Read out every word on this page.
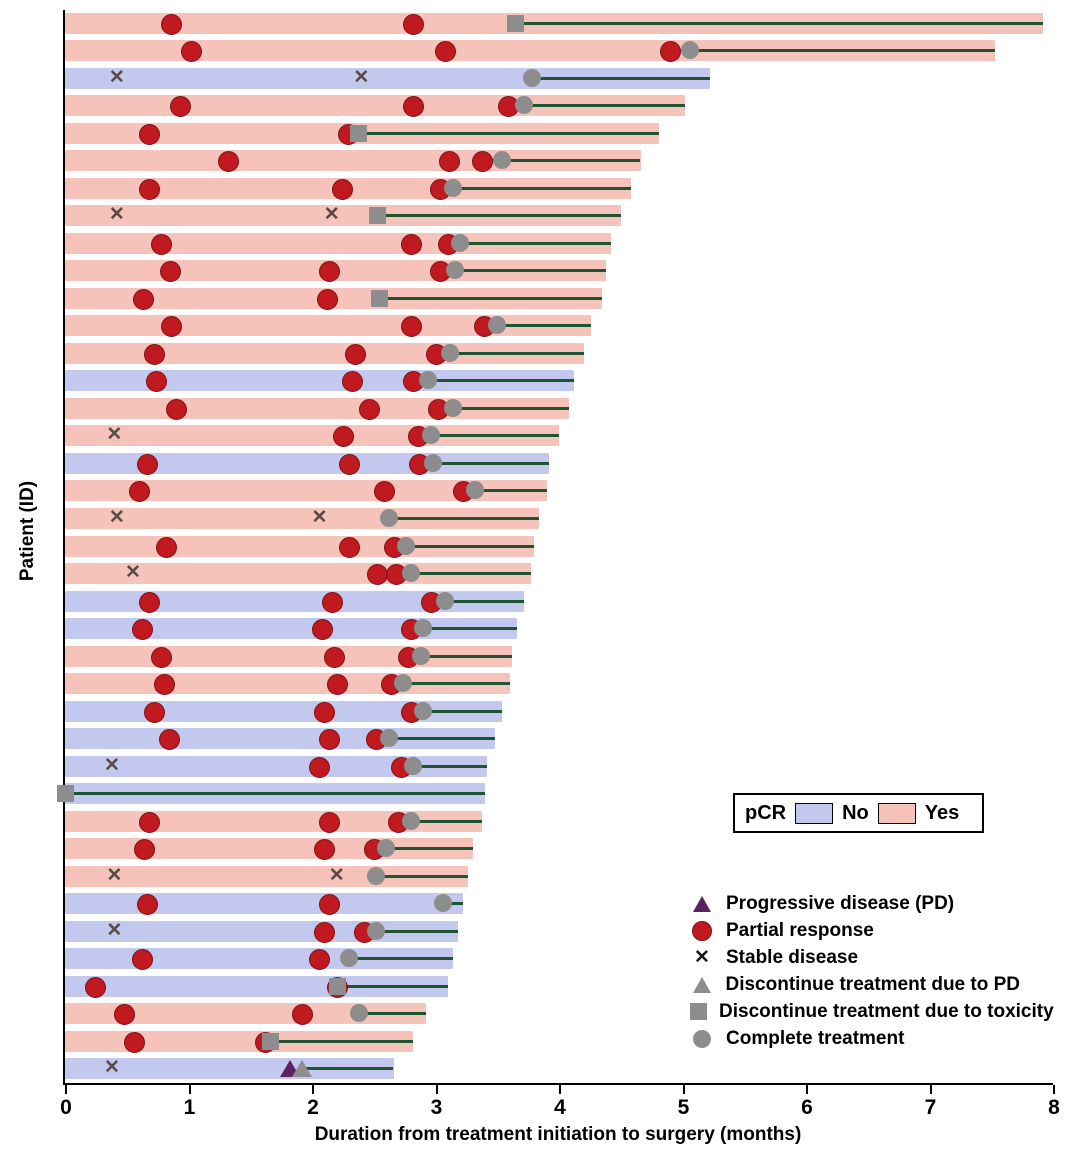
0	1	2	3	4	5	6	7	8
Patient (ID)
Duration from treatment initiation to surgery (months)
✕	✕
✕	✕
✕
✕	✕
✕
✕
✕	✕
✕
✕
pCR	No	Yes
Progressive disease (PD)
Partial response
✕ Stable disease
Discontinue treatment due to PD
Discontinue treatment due to toxicity
Complete treatment
